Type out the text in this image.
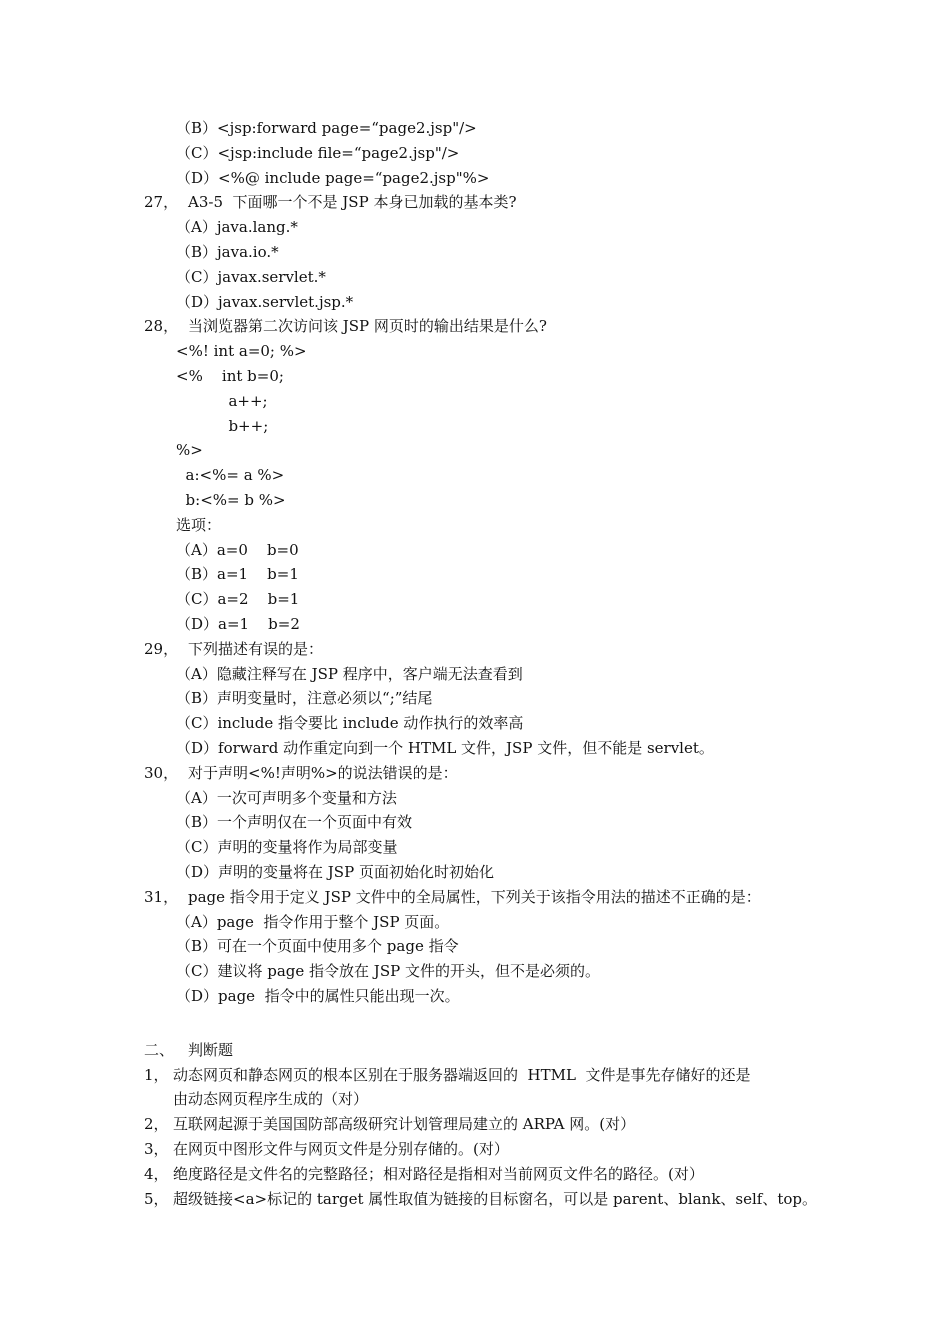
（B）<jsp:forward page=“page2.jsp"/>
（C）<jsp:include file=“page2.jsp"/>
（D）<%@ include page=“page2.jsp"%>
27， A3-5  下面哪一个不是 JSP 本身已加载的基本类?
（A）java.lang.*
（B）java.io.*
（C）javax.servlet.*
（D）javax.servlet.jsp.*
28， 当浏览器第二次访问该 JSP 网页时的输出结果是什么?
<%! int a=0; %>
<%    int b=0;
a++;
b++;
%>
a:<%= a %>
b:<%= b %>
选项：
（A）a=0    b=0
（B）a=1    b=1
（C）a=2    b=1
（D）a=1    b=2
29， 下列描述有误的是：
（A）隐藏注释写在 JSP 程序中，客户端无法查看到
（B）声明变量时，注意必须以“;”结尾
（C）include 指令要比 include 动作执行的效率高
（D）forward 动作重定向到一个 HTML 文件，JSP 文件，但不能是 servlet。
30， 对于声明<%!声明%>的说法错误的是：
（A）一次可声明多个变量和方法
（B）一个声明仅在一个页面中有效
（C）声明的变量将作为局部变量
（D）声明的变量将在 JSP 页面初始化时初始化
31， page 指令用于定义 JSP 文件中的全局属性，下列关于该指令用法的描述不正确的是：
（A）page  指令作用于整个 JSP 页面。
（B）可在一个页面中使用多个 page 指令
（C）建议将 page 指令放在 JSP 文件的开头，但不是必须的。
（D）page  指令中的属性只能出现一次。
二、 判断题
1， 动态网页和静态网页的根本区别在于服务器端返回的  HTML  文件是事先存储好的还是
由动态网页程序生成的（对）
2， 互联网起源于美国国防部高级研究计划管理局建立的 ARPA 网。(对）
3， 在网页中图形文件与网页文件是分别存储的。(对）
4， 绝度路径是文件名的完整路径；相对路径是指相对当前网页文件名的路径。(对）
5， 超级链接<a>标记的 target 属性取值为链接的目标窗名，可以是 parent、blank、self、top。
